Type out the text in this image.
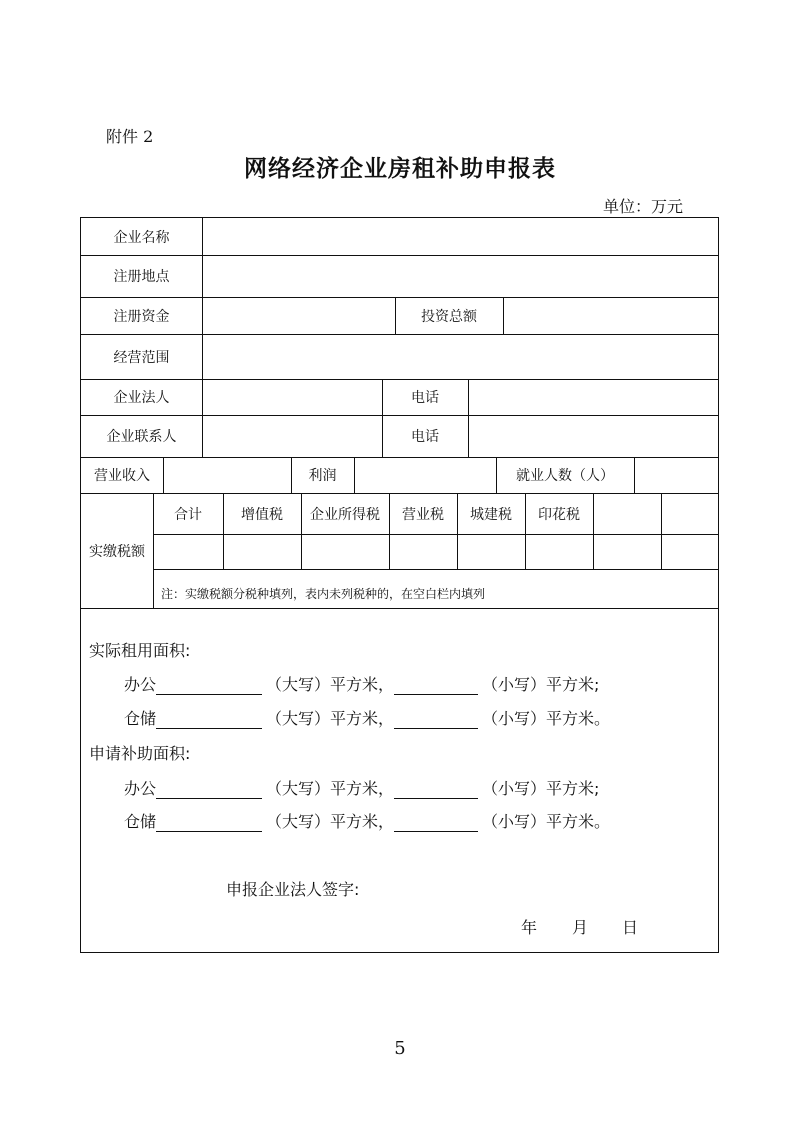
附件 2
网络经济企业房租补助申报表
单位：万元
企业名称
注册地点
注册资金	投资总额
经营范围
企业法人	电话
企业联系人	电话
营业收入	利润	就业人数（人）
实缴税额
合计	增值税	企业所得税	营业税	城建税	印花税
注：实缴税额分税种填列，表内未列税种的，在空白栏内填列
实际租用面积:
办公	（大写）平方米，	（小写）平方米;
仓储	（大写）平方米，	（小写）平方米。
申请补助面积:
办公	（大写）平方米，	（小写）平方米;
仓储	（大写）平方米，	（小写）平方米。
申报企业法人签字:
年 月 日
5
